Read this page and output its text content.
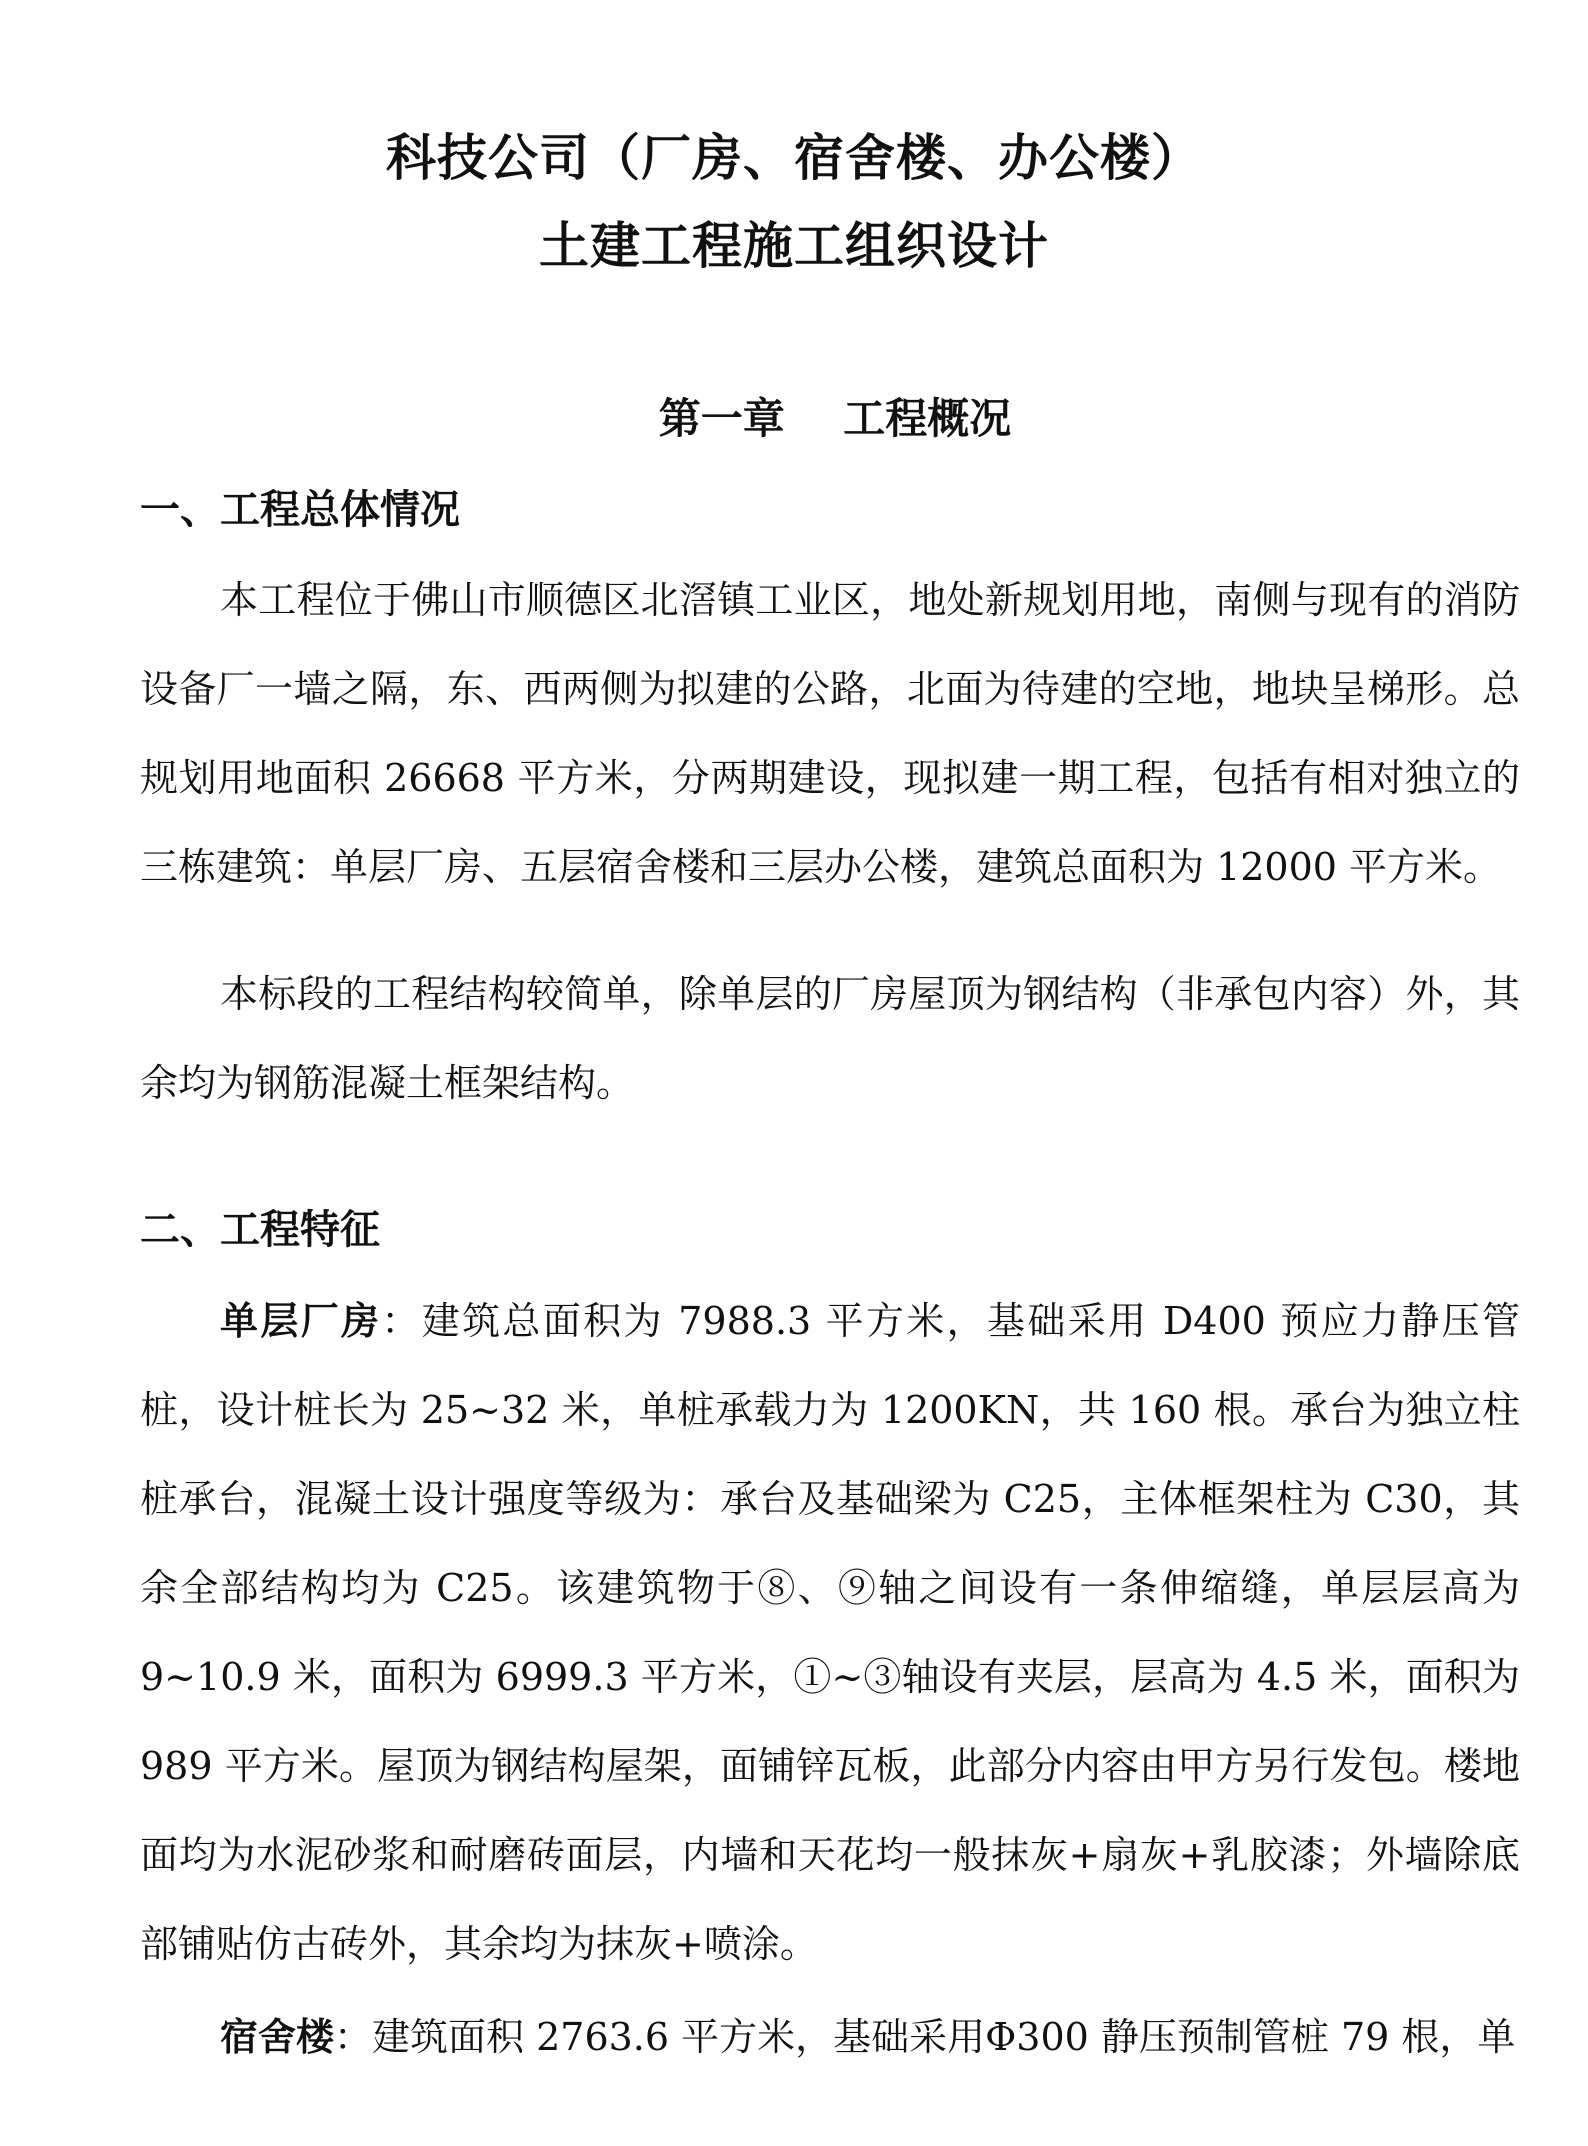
科技公司（厂房、宿舍楼、办公楼）
土建工程施工组织设计
第一章    工程概况
一、工程总体情况

本工程位于佛山市顺德区北滘镇工业区，地处新规划用地，南侧与现有的消防设备厂一墙之隔，东、西两侧为拟建的公路，北面为待建的空地，地块呈梯形。总规划用地面积 26668 平方米，分两期建设，现拟建一期工程，包括有相对独立的三栋建筑：单层厂房、五层宿舍楼和三层办公楼，建筑总面积为 12000 平方米。

本标段的工程结构较简单，除单层的厂房屋顶为钢结构（非承包内容）外，其余均为钢筋混凝土框架结构。

二、工程特征

单层厂房：建筑总面积为 7988.3 平方米，基础采用 D400 预应力静压管桩，设计桩长为 25~32 米，单桩承载力为 1200KN，共 160 根。承台为独立柱桩承台，混凝土设计强度等级为：承台及基础梁为 C25，主体框架柱为 C30，其余全部结构均为 C25。该建筑物于⑧、⑨轴之间设有一条伸缩缝，单层层高为 9~10.9 米，面积为 6999.3 平方米，①~③轴设有夹层，层高为 4.5 米，面积为 989 平方米。屋顶为钢结构屋架，面铺锌瓦板，此部分内容由甲方另行发包。楼地面均为水泥砂浆和耐磨砖面层，内墙和天花均一般抹灰+扇灰+乳胶漆；外墙除底部铺贴仿古砖外，其余均为抹灰+喷涂。

宿舍楼：建筑面积 2763.6 平方米，基础采用Φ300 静压预制管桩 79 根，单
